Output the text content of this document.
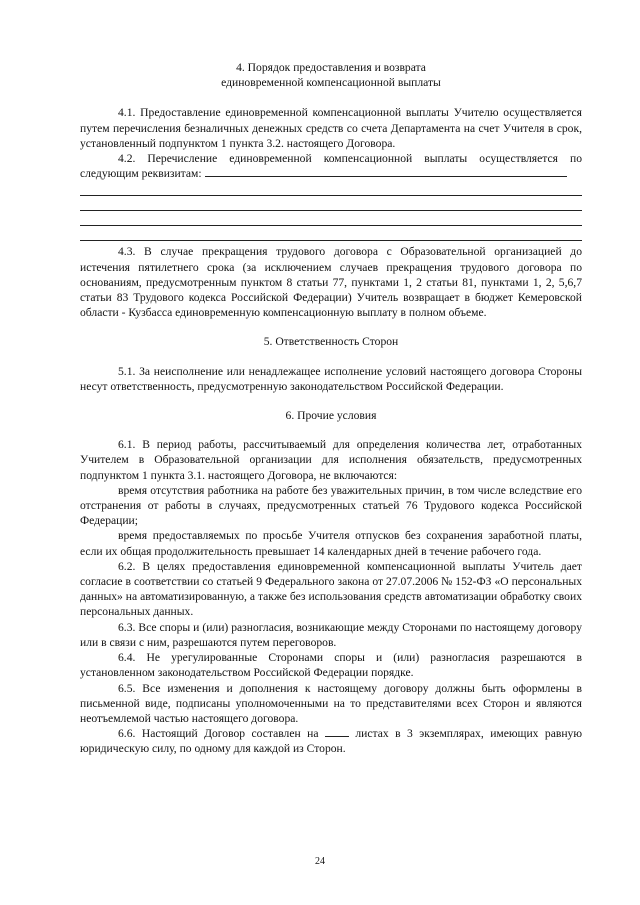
4. Порядок предоставления и возврата
единовременной компенсационной выплаты

4.1. Предоставление единовременной компенсационной выплаты Учителю осуществляется путем перечисления безналичных денежных средств со счета Департамента на счет Учителя в срок, установленный подпунктом 1 пункта 3.2. настоящего Договора.

4.2. Перечисление единовременной компенсационной выплаты осуществляется по следующим реквизитам:

4.3. В случае прекращения трудового договора с Образовательной организацией до истечения пятилетнего срока (за исключением случаев прекращения трудового договора по основаниям, предусмотренным пунктом 8 статьи 77, пунктами 1, 2 статьи 81, пунктами 1, 2, 5,6,7 статьи 83 Трудового кодекса Российской Федерации) Учитель возвращает в бюджет Кемеровской области - Кузбасса единовременную компенсационную выплату в полном объеме.

5. Ответственность Сторон

5.1. За неисполнение или ненадлежащее исполнение условий настоящего договора Стороны несут ответственность, предусмотренную законодательством Российской Федерации.

6. Прочие условия

6.1. В период работы, рассчитываемый для определения количества лет, отработанных Учителем в Образовательной организации для исполнения обязательств, предусмотренных подпунктом 1 пункта 3.1. настоящего Договора, не включаются:

время отсутствия работника на работе без уважительных причин, в том числе вследствие его отстранения от работы в случаях, предусмотренных статьей 76 Трудового кодекса Российской Федерации;

время предоставляемых по просьбе Учителя отпусков без сохранения заработной платы, если их общая продолжительность превышает 14 календарных дней в течение рабочего года.

6.2. В целях предоставления единовременной компенсационной выплаты Учитель дает согласие в соответствии со статьей 9 Федерального закона от 27.07.2006 № 152-ФЗ «О персональных данных» на автоматизированную, а также без использования средств автоматизации обработку своих персональных данных.

6.3. Все споры и (или) разногласия, возникающие между Сторонами по настоящему договору или в связи с ним, разрешаются путем переговоров.

6.4. Не урегулированные Сторонами споры и (или) разногласия разрешаются в установленном законодательством Российской Федерации порядке.

6.5. Все изменения и дополнения к настоящему договору должны быть оформлены в письменной виде, подписаны уполномоченными на то представителями всех Сторон и являются неотъемлемой частью настоящего договора.

6.6. Настоящий Договор составлен на	листах в 3 экземплярах, имеющих равную юридическую силу, по одному для каждой из Сторон.

24
